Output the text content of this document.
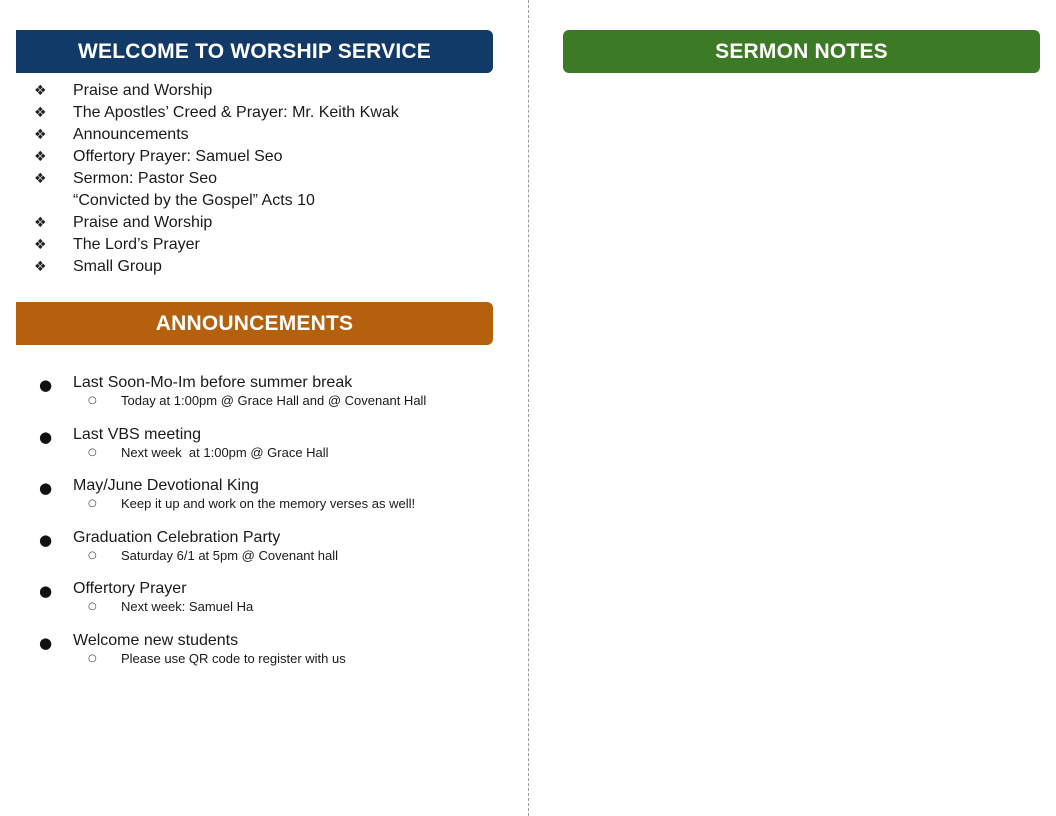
WELCOME TO WORSHIP SERVICE
❖ Praise and Worship
❖ The Apostles’ Creed & Prayer: Mr. Keith Kwak
❖ Announcements
❖ Offertory Prayer: Samuel Seo
❖ Sermon: Pastor Seo
“Convicted by the Gospel” Acts 10
❖ Praise and Worship
❖ The Lord’s Prayer
❖ Small Group
ANNOUNCEMENTS
● Last Soon-Mo-Im before summer break
○ Today at 1:00pm @ Grace Hall and @ Covenant Hall
● Last VBS meeting
○ Next week  at 1:00pm @ Grace Hall
● May/June Devotional King
○ Keep it up and work on the memory verses as well!
● Graduation Celebration Party
○ Saturday 6/1 at 5pm @ Covenant hall
● Offertory Prayer
○ Next week: Samuel Ha
● Welcome new students
○ Please use QR code to register with us
SERMON NOTES
